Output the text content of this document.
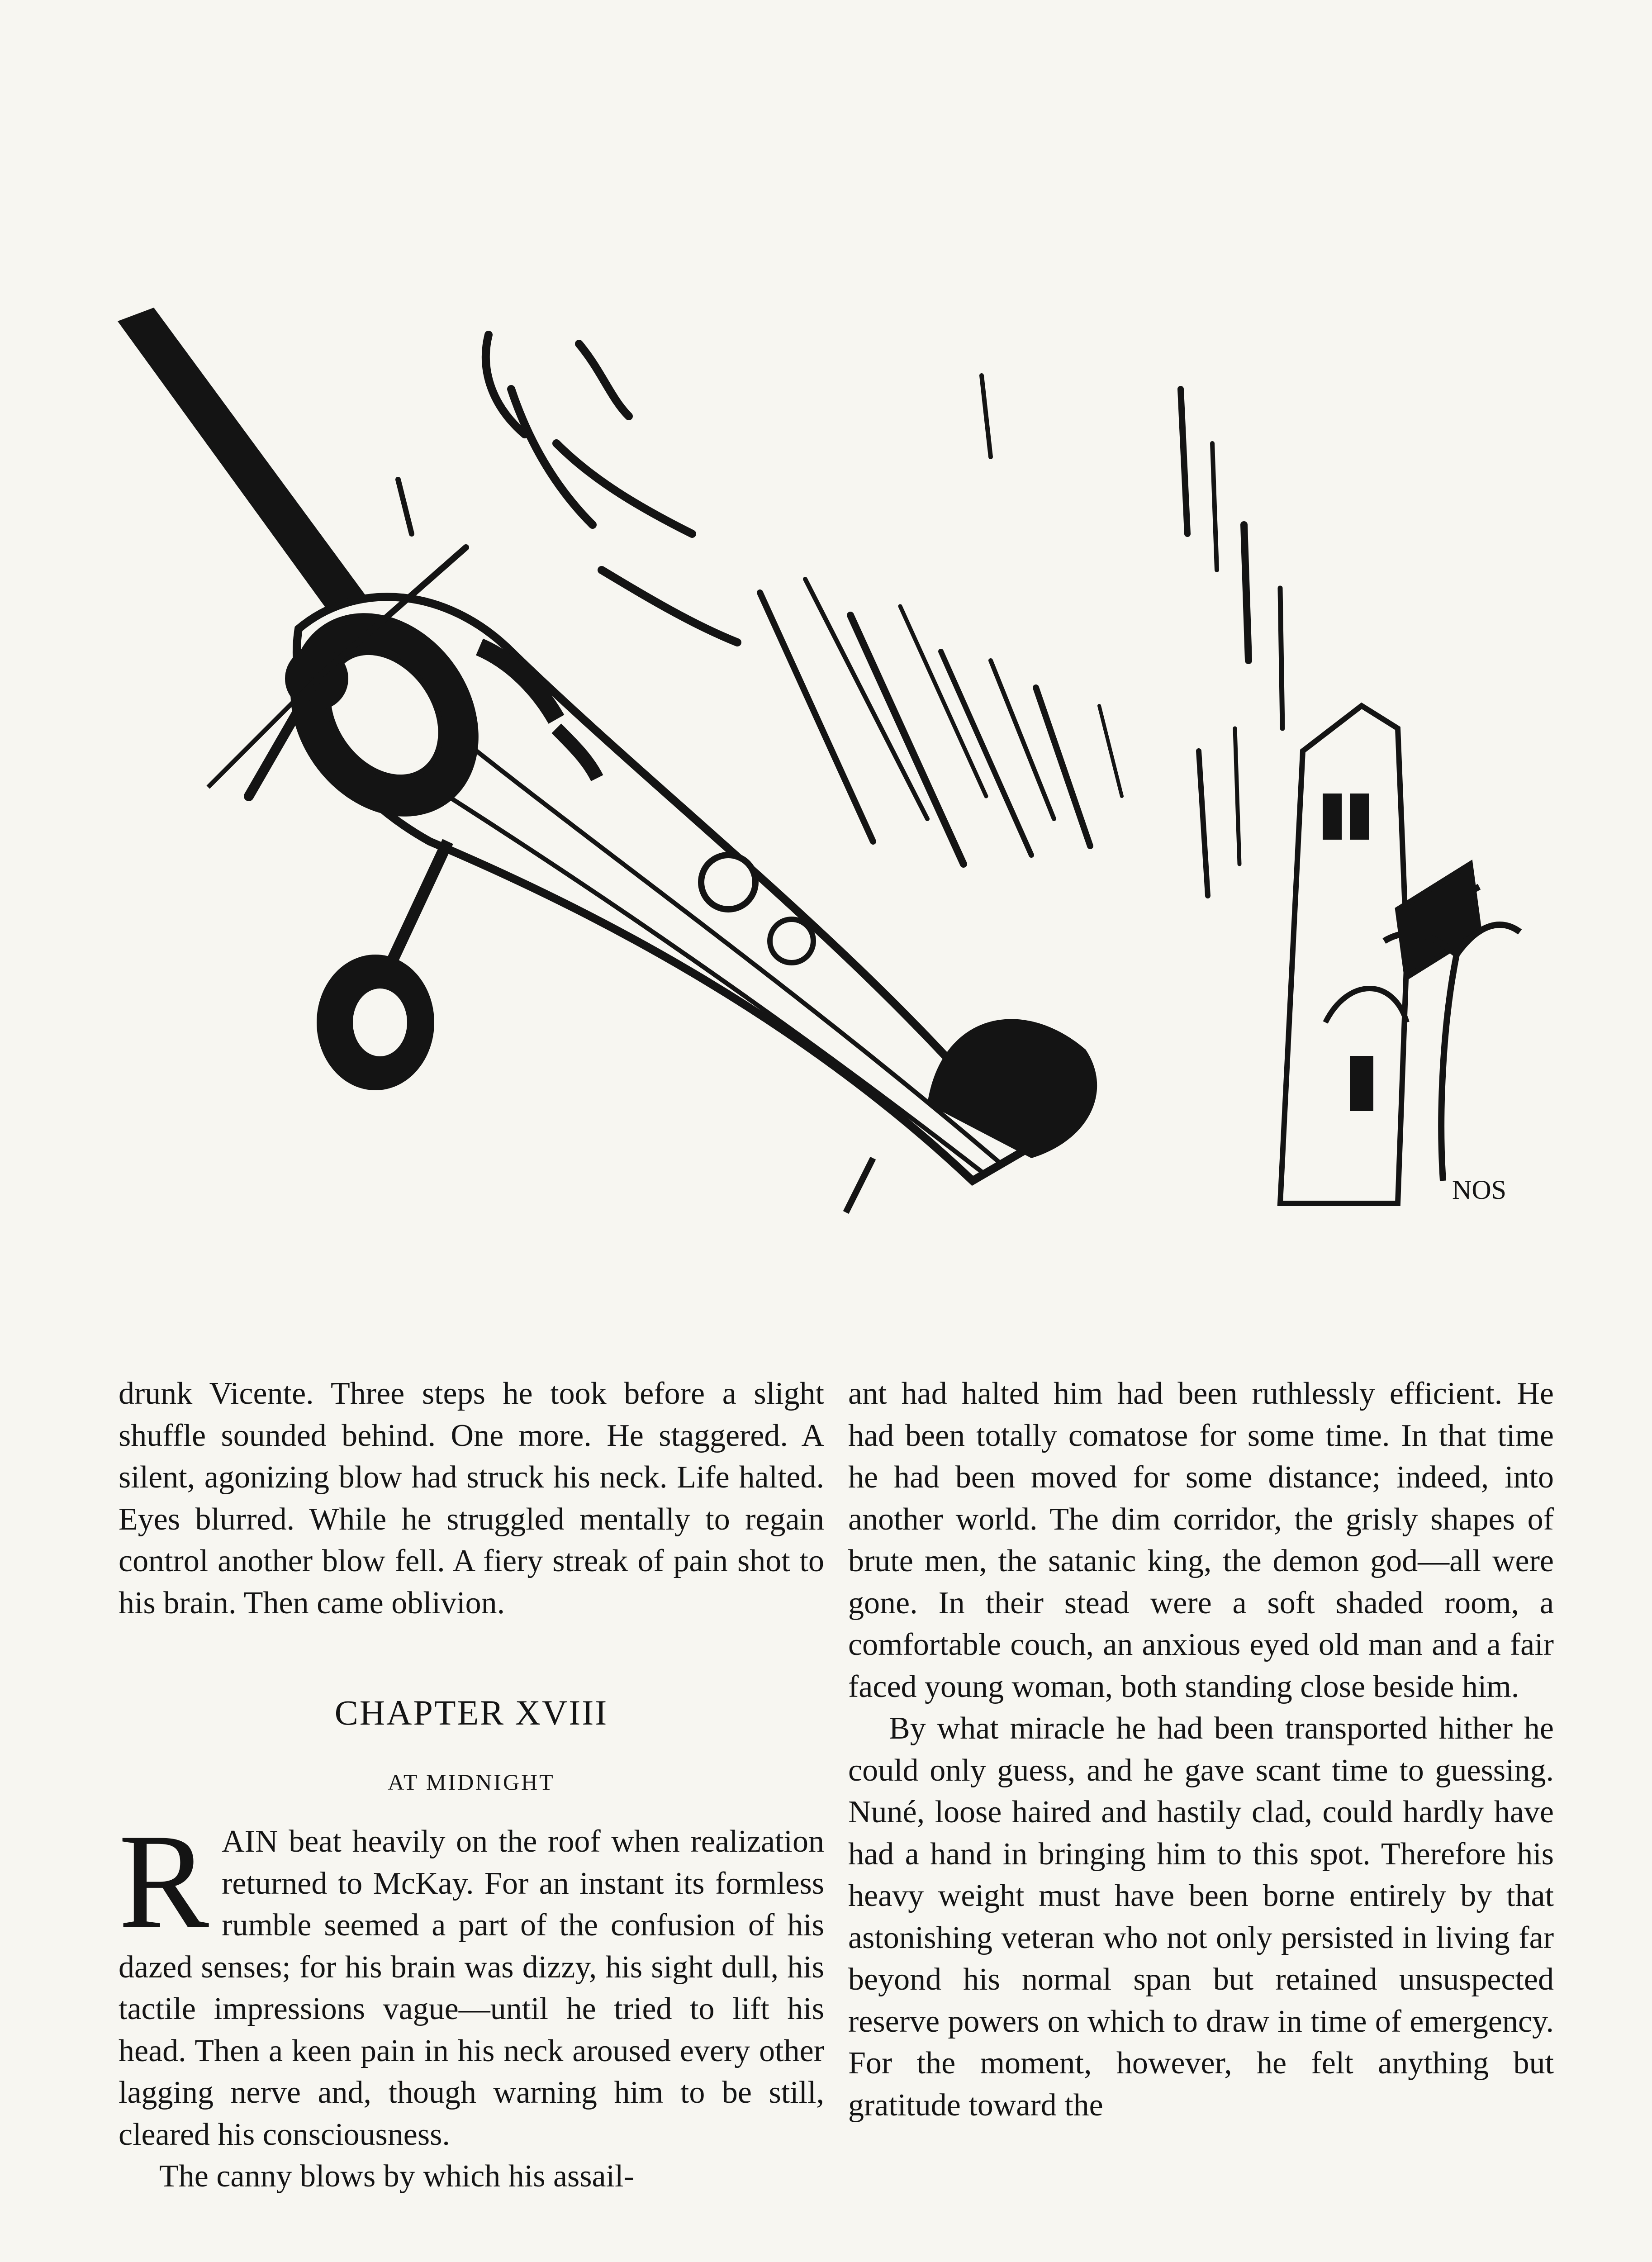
NOS

drunk Vicente. Three steps he took before a slight shuffle sounded behind. One more. He staggered. A silent, agonizing blow had struck his neck. Life halted. Eyes blurred. While he struggled mentally to regain control another blow fell. A fiery streak of pain shot to his brain. Then came oblivion.

CHAPTER XVIII

AT MIDNIGHT

RAIN beat heavily on the roof when realization returned to McKay. For an instant its formless rumble seemed a part of the confusion of his dazed senses; for his brain was dizzy, his sight dull, his tactile impressions vague—until he tried to lift his head. Then a keen pain in his neck aroused every other lagging nerve and, though warning him to be still, cleared his consciousness.

The canny blows by which his assail-

ant had halted him had been ruthlessly efficient. He had been totally comatose for some time. In that time he had been moved for some distance; indeed, into another world. The dim corridor, the grisly shapes of brute men, the satanic king, the demon god—all were gone. In their stead were a soft shaded room, a comfortable couch, an anxious eyed old man and a fair faced young woman, both standing close beside him.

By what miracle he had been transported hither he could only guess, and he gave scant time to guessing. Nuné, loose haired and hastily clad, could hardly have had a hand in bringing him to this spot. Therefore his heavy weight must have been borne entirely by that astonishing veteran who not only persisted in living far beyond his normal span but retained unsuspected reserve powers on which to draw in time of emergency. For the moment, however, he felt anything but gratitude toward the
